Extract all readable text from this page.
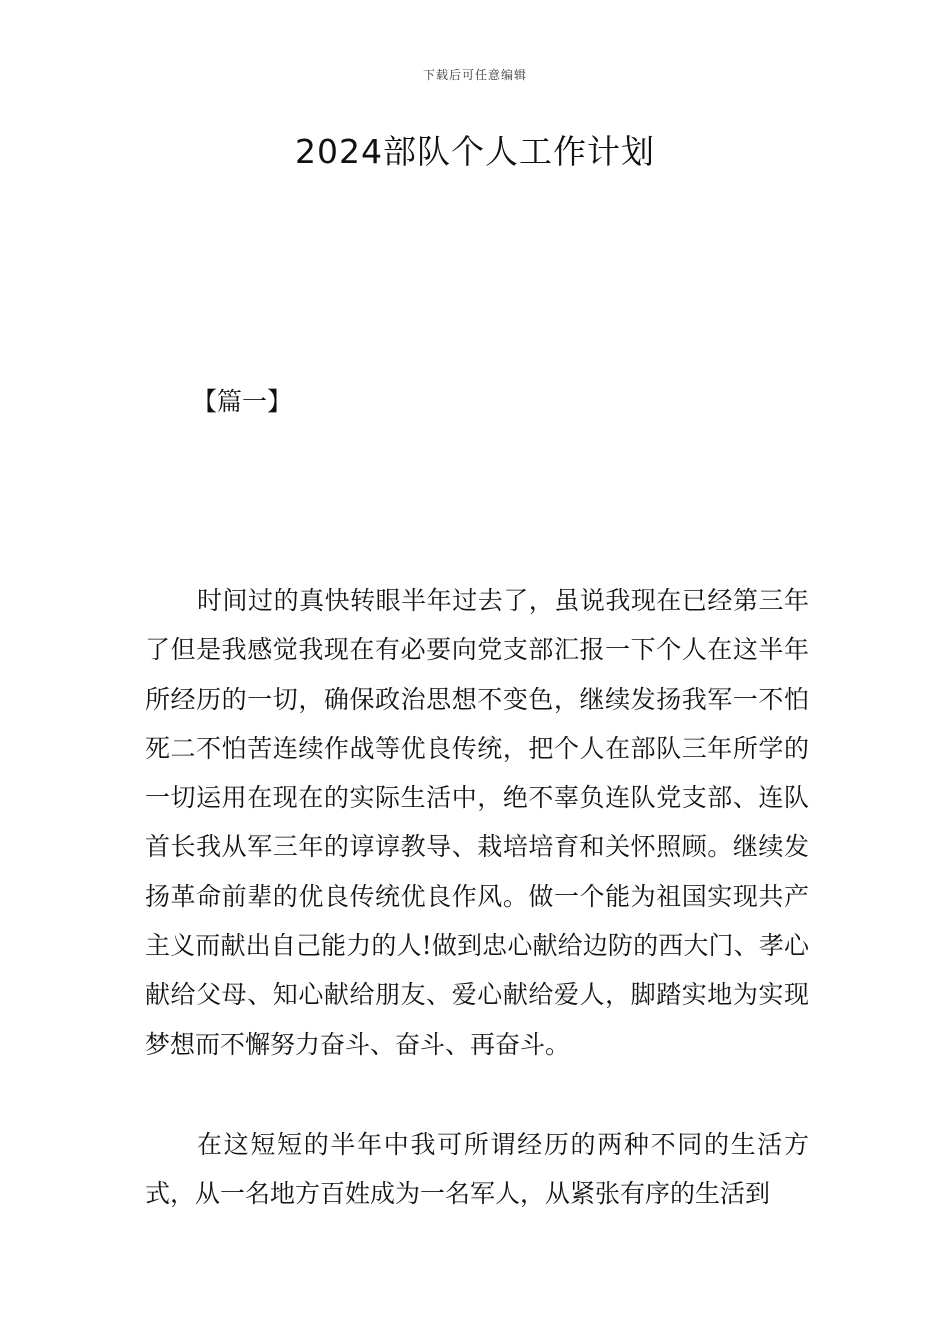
下载后可任意编辑
2024部队个人工作计划
【篇一】

时间过的真快转眼半年过去了，虽说我现在已经第三年了但是我感觉我现在有必要向党支部汇报一下个人在这半年所经历的一切，确保政治思想不变色，继续发扬我军一不怕死二不怕苦连续作战等优良传统，把个人在部队三年所学的一切运用在现在的实际生活中，绝不辜负连队党支部、连队首长我从军三年的谆谆教导、栽培培育和关怀照顾。继续发扬革命前辈的优良传统优良作风。做一个能为祖国实现共产主义而献出自己能力的人!做到忠心献给边防的西大门、孝心献给父母、知心献给朋友、爱心献给爱人，脚踏实地为实现梦想而不懈努力奋斗、奋斗、再奋斗。

在这短短的半年中我可所谓经历的两种不同的生活方式，从一名地方百姓成为一名军人，从紧张有序的生活到
